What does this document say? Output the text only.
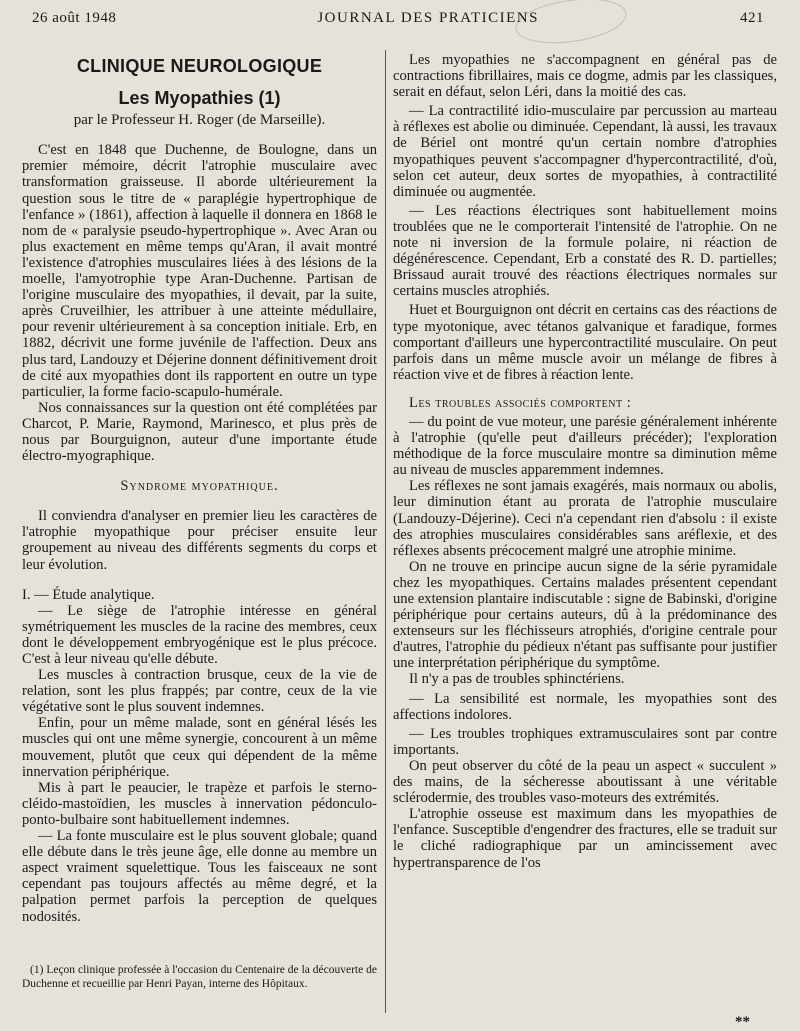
26 août 1948	JOURNAL DES PRATICIENS	421
CLINIQUE NEUROLOGIQUE
Les Myopathies (1)
par le Professeur H. Roger (de Marseille).

C'est en 1848 que Duchenne, de Boulogne, dans un premier mémoire, décrit l'atrophie musculaire avec transformation graisseuse. Il aborde ultérieurement la question sous le titre de « paraplégie hypertrophique de l'enfance » (1861), affection à laquelle il donnera en 1868 le nom de « paralysie pseudo-hypertrophique ». Avec Aran ou plus exactement en même temps qu'Aran, il avait montré l'existence d'atrophies musculaires liées à des lésions de la moelle, l'amyotrophie type Aran-Duchenne. Partisan de l'origine musculaire des myopathies, il devait, par la suite, après Cruveilhier, les attribuer à une atteinte médullaire, pour revenir ultérieurement à sa conception initiale. Erb, en 1882, décrivit une forme juvénile de l'affection. Deux ans plus tard, Landouzy et Déjerine donnent définitivement droit de cité aux myopathies dont ils rapportent en outre un type particulier, la forme facio-scapulo-humérale.

Nos connaissances sur la question ont été complétées par Charcot, P. Marie, Raymond, Marinesco, et plus près de nous par Bourguignon, auteur d'une importante étude électro-myographique.

Syndrome myopathique.

Il conviendra d'analyser en premier lieu les caractères de l'atrophie myopathique pour préciser ensuite leur groupement au niveau des différents segments du corps et leur évolution.

I. — Étude analytique.

— Le siège de l'atrophie intéresse en général symétriquement les muscles de la racine des membres, ceux dont le développement embryogénique est le plus précoce. C'est à leur niveau qu'elle débute.

Les muscles à contraction brusque, ceux de la vie de relation, sont les plus frappés; par contre, ceux de la vie végétative sont le plus souvent indemnes.

Enfin, pour un même malade, sont en général lésés les muscles qui ont une même synergie, concourent à un même mouvement, plutôt que ceux qui dépendent de la même innervation périphérique.

Mis à part le peaucier, le trapèze et parfois le sterno-cléido-mastoïdien, les muscles à innervation pédonculo-ponto-bulbaire sont habituellement indemnes.

— La fonte musculaire est le plus souvent globale; quand elle débute dans le très jeune âge, elle donne au membre un aspect vraiment squelettique. Tous les faisceaux ne sont cependant pas toujours affectés au même degré, et la palpation permet parfois la perception de quelques nodosités.

(1) Leçon clinique professée à l'occasion du Centenaire de la découverte de Duchenne et recueillie par Henri Payan, interne des Hôpitaux.

Les myopathies ne s'accompagnent en général pas de contractions fibrillaires, mais ce dogme, admis par les classiques, serait en défaut, selon Léri, dans la moitié des cas.

— La contractilité idio-musculaire par percussion au marteau à réflexes est abolie ou diminuée. Cependant, là aussi, les travaux de Bériel ont montré qu'un certain nombre d'atrophies myopathiques peuvent s'accompagner d'hypercontractilité, d'où, selon cet auteur, deux sortes de myopathies, à contractilité diminuée ou augmentée.

— Les réactions électriques sont habituellement moins troublées que ne le comporterait l'intensité de l'atrophie. On ne note ni inversion de la formule polaire, ni réaction de dégénérescence. Cependant, Erb a constaté des R. D. partielles; Brissaud aurait trouvé des réactions électriques normales sur certains muscles atrophiés.

Huet et Bourguignon ont décrit en certains cas des réactions de type myotonique, avec tétanos galvanique et faradique, formes comportant d'ailleurs une hypercontractilité musculaire. On peut parfois dans un même muscle avoir un mélange de fibres à réaction vive et de fibres à réaction lente.

Les troubles associés comportent :

— du point de vue moteur, une parésie généralement inhérente à l'atrophie (qu'elle peut d'ailleurs précéder); l'exploration méthodique de la force musculaire montre sa diminution même au niveau de muscles apparemment indemnes.

Les réflexes ne sont jamais exagérés, mais normaux ou abolis, leur diminution étant au prorata de l'atrophie musculaire (Landouzy-Déjerine). Ceci n'a cependant rien d'absolu : il existe des atrophies musculaires considérables sans aréflexie, et des réflexes absents précocement malgré une atrophie minime.

On ne trouve en principe aucun signe de la série pyramidale chez les myopathiques. Certains malades présentent cependant une extension plantaire indiscutable : signe de Babinski, d'origine périphérique pour certains auteurs, dû à la prédominance des extenseurs sur les fléchisseurs atrophiés, d'origine centrale pour d'autres, l'atrophie du pédieux n'étant pas suffisante pour justifier une interprétation périphérique du symptôme.

Il n'y a pas de troubles sphinctériens.

— La sensibilité est normale, les myopathies sont des affections indolores.

— Les troubles trophiques extramusculaires sont par contre importants.

On peut observer du côté de la peau un aspect « succulent » des mains, de la sécheresse aboutissant à une véritable sclérodermie, des troubles vaso-moteurs des extrémités.

L'atrophie osseuse est maximum dans les myopathies de l'enfance. Susceptible d'engendrer des fractures, elle se traduit sur le cliché radiographique par un amincissement avec hypertransparence de l'os

**
